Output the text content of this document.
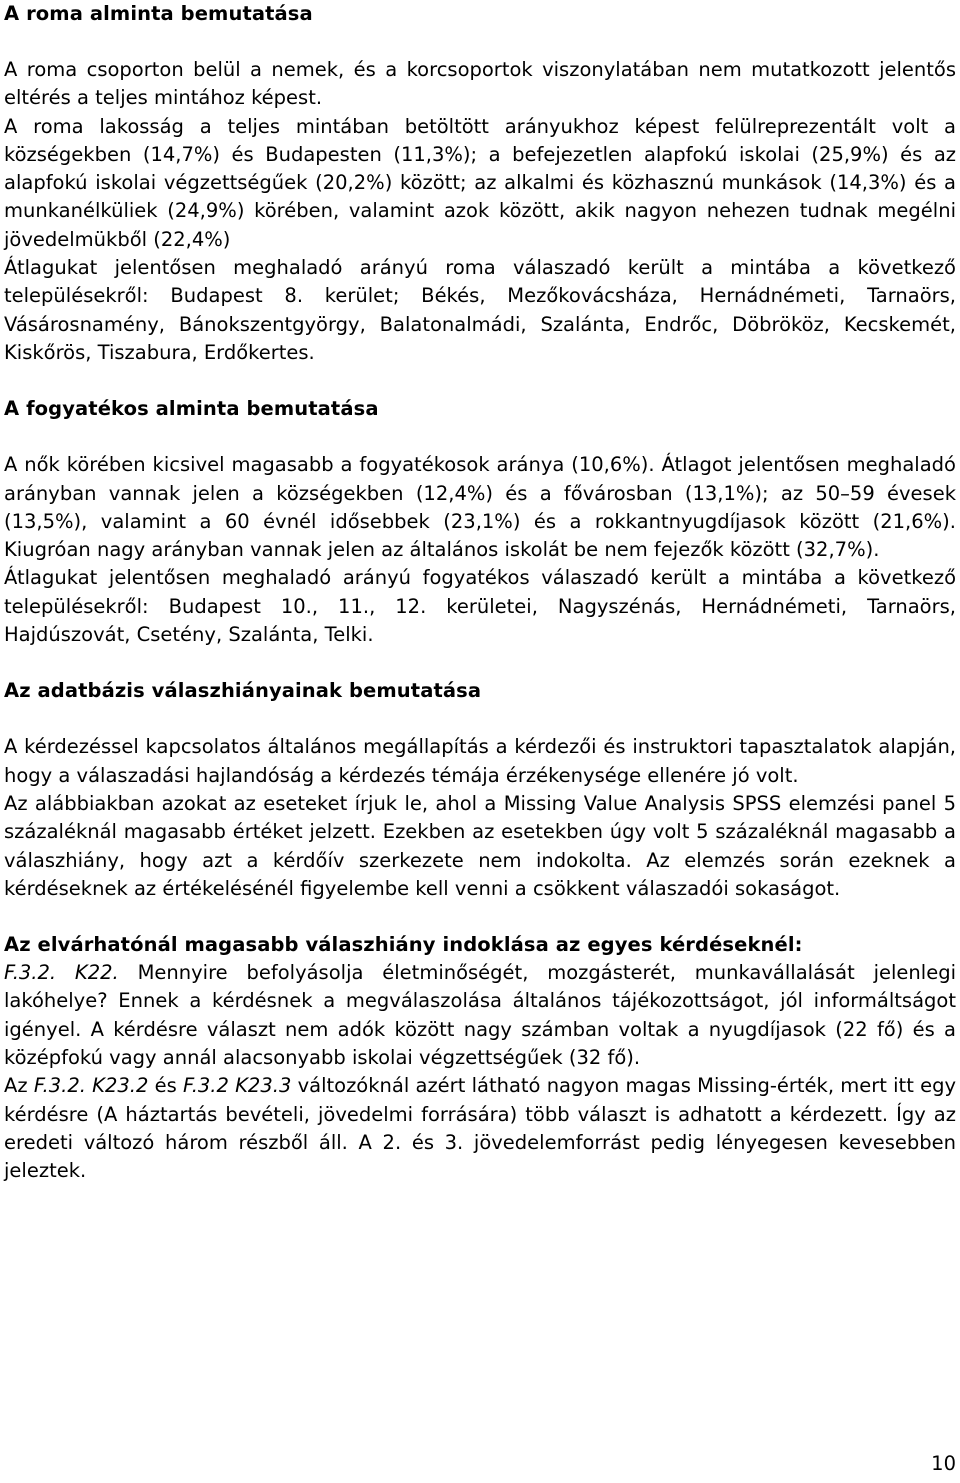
A roma alminta bemutatása

A roma csoporton belül a nemek, és a korcsoportok viszonylatában nem mutatkozott jelentős eltérés a teljes mintához képest.

A roma lakosság a teljes mintában betöltött arányukhoz képest felülreprezentált volt a községekben (14,7%) és Budapesten (11,3%); a befejezetlen alapfokú iskolai (25,9%) és az alapfokú iskolai végzettségűek (20,2%) között; az alkalmi és közhasznú munkások (14,3%) és a munkanélküliek (24,9%) körében, valamint azok között, akik nagyon nehezen tudnak megélni jövedelmükből (22,4%)

Átlagukat jelentősen meghaladó arányú roma válaszadó került a mintába a következő településekről: Budapest 8. kerület; Békés, Mezőkovácsháza, Hernádnémeti, Tarnaörs, Vásárosnamény, Bánokszentgyörgy, Balatonalmádi, Szalánta, Endrőc, Döbrököz, Kecskemét, Kiskőrös, Tiszabura, Erdőkertes.

A fogyatékos alminta bemutatása

A nők körében kicsivel magasabb a fogyatékosok aránya (10,6%). Átlagot jelentősen meghaladó arányban vannak jelen a községekben (12,4%) és a fővárosban (13,1%); az 50–59 évesek (13,5%), valamint a 60 évnél idősebbek (23,1%) és a rokkantnyugdíjasok között (21,6%). Kiugróan nagy arányban vannak jelen az általános iskolát be nem fejezők között (32,7%).

Átlagukat jelentősen meghaladó arányú fogyatékos válaszadó került a mintába a következő településekről: Budapest 10., 11., 12. kerületei, Nagyszénás, Hernádnémeti, Tarnaörs, Hajdúszovát, Csetény, Szalánta, Telki.

Az adatbázis válaszhiányainak bemutatása

A kérdezéssel kapcsolatos általános megállapítás a kérdezői és instruktori tapasztalatok alapján, hogy a válaszadási hajlandóság a kérdezés témája érzékenysége ellenére jó volt.

Az alábbiakban azokat az eseteket írjuk le, ahol a Missing Value Analysis SPSS elemzési panel 5 százaléknál magasabb értéket jelzett. Ezekben az esetekben úgy volt 5 százaléknál magasabb a válaszhiány, hogy azt a kérdőív szerkezete nem indokolta. Az elemzés során ezeknek a kérdéseknek az értékelésénél figyelembe kell venni a csökkent válaszadói sokaságot.

Az elvárhatónál magasabb válaszhiány indoklása az egyes kérdéseknél:

F.3.2. K22. Mennyire befolyásolja életminőségét, mozgásterét, munkavállalását jelenlegi lakóhelye? Ennek a kérdésnek a megválaszolása általános tájékozottságot, jól informáltságot igényel. A kérdésre választ nem adók között nagy számban voltak a nyugdíjasok (22 fő) és a középfokú vagy annál alacsonyabb iskolai végzettségűek (32 fő).

Az F.3.2. K23.2 és F.3.2 K23.3 változóknál azért látható nagyon magas Missing-érték, mert itt egy kérdésre (A háztartás bevételi, jövedelmi forrására) több választ is adhatott a kérdezett. Így az eredeti változó három részből áll. A 2. és 3. jövedelemforrást pedig lényegesen kevesebben jeleztek.

10
